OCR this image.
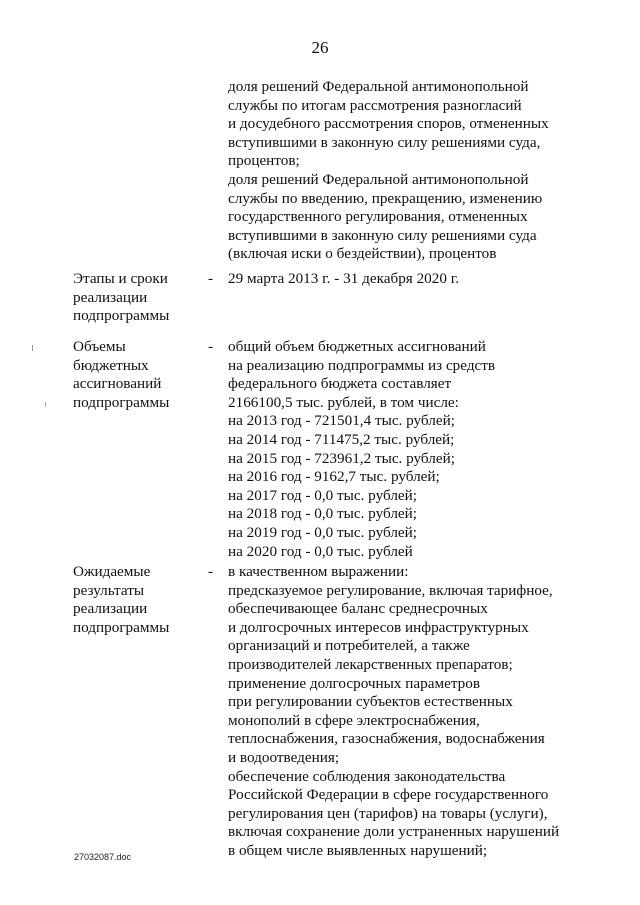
26
доля решений Федеральной антимонопольной
службы по итогам рассмотрения разногласий
и досудебного рассмотрения споров, отмененных
вступившими в законную силу решениями суда,
процентов;
доля решений Федеральной антимонопольной
службы по введению, прекращению, изменению
государственного регулирования, отмененных
вступившими в законную силу решениями суда
(включая иски о бездействии), процентов
Этапы и сроки
реализации
подпрограммы
- 29 марта 2013 г. - 31 декабря 2020 г.
Объемы
бюджетных
ассигнований
подпрограммы
- общий объем бюджетных ассигнований
на реализацию подпрограммы из средств
федерального бюджета составляет
2166100,5 тыс. рублей, в том числе:
на 2013 год - 721501,4 тыс. рублей;
на 2014 год - 711475,2 тыс. рублей;
на 2015 год - 723961,2 тыс. рублей;
на 2016 год - 9162,7 тыс. рублей;
на 2017 год - 0,0 тыс. рублей;
на 2018 год - 0,0 тыс. рублей;
на 2019 год - 0,0 тыс. рублей;
на 2020 год - 0,0 тыс. рублей
Ожидаемые
результаты
реализации
подпрограммы
- в качественном выражении:
предсказуемое регулирование, включая тарифное,
обеспечивающее баланс среднесрочных
и долгосрочных интересов инфраструктурных
организаций и потребителей, а также
производителей лекарственных препаратов;
применение долгосрочных параметров
при регулировании субъектов естественных
монополий в сфере электроснабжения,
теплоснабжения, газоснабжения, водоснабжения
и водоотведения;
обеспечение соблюдения законодательства
Российской Федерации в сфере государственного
регулирования цен (тарифов) на товары (услуги),
включая сохранение доли устраненных нарушений
в общем числе выявленных нарушений;
27032087.doc
